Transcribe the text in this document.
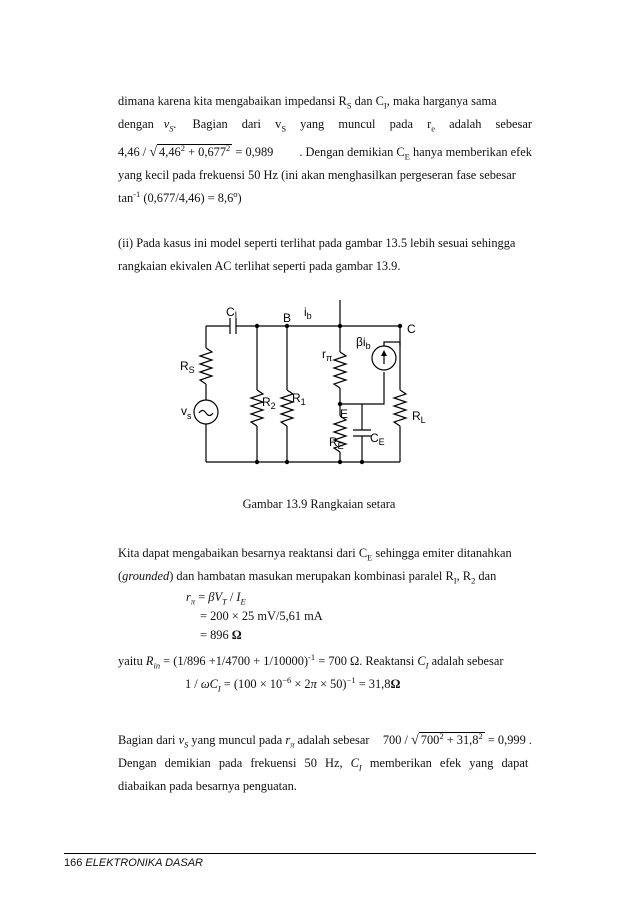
dimana karena kita mengabaikan impedansi $R_S$ dan $C_I$, maka harganya sama
dengan $v_S$. Bagian dari $v_S$ yang muncul pada $r_e$ adalah sebesar
4,46 / √ $4,46^2 + 0,677^2 = 0,989$ . Dengan demikian $C_E$ hanya memberikan efek
yang kecil pada frekuensi 50 Hz (ini akan menghasilkan pergeseran fase sebesar
$\tan^{-1} (0,677/4,46) = 8,6^o$)
(ii) Pada kasus ini model seperti terlihat pada gambar 13.5 lebih sesuai sehingga
rangkaian ekivalen AC terlihat seperti pada gambar 13.9.
CI	B $i_b$
C
$R_S$
$r_\pi$
$\beta i_b$
$v_s$
$R_2$
$R_1$
E	$R_L$
$R_E$
$C_E$
Gambar 13.9 Rangkaian setara
Kita dapat mengabaikan besarnya reaktansi dari $C_E$ sehingga emiter ditanahkan
(grounded) dan hambatan masukan merupakan kombinasi paralel $R_I$, $R_2$ dan
$r_\pi = \beta V_T / I_E$
= 200 × 25 mV/5,61 mA
= 896 Ω
yaitu $R_{in} = (1/896 +1/4700 + 1/10000)^{-1} = 700$ Ω. Reaktansi $C_I$ adalah sebesar
$1 / \omega C_I = (100 \times 10^{-6} \times 2\pi \times 50)^{-1} = 31,8\Omega$
Bagian dari $v_S$ yang muncul pada $r_\pi$ adalah sebesar 700 / √ $700^2 + 31,8^2 = 0,999$ .
Dengan demikian pada frekuensi 50 Hz, $C_I$ memberikan efek yang dapat
diabaikan pada besarnya penguatan.
166 ELEKTRONIKA DASAR
